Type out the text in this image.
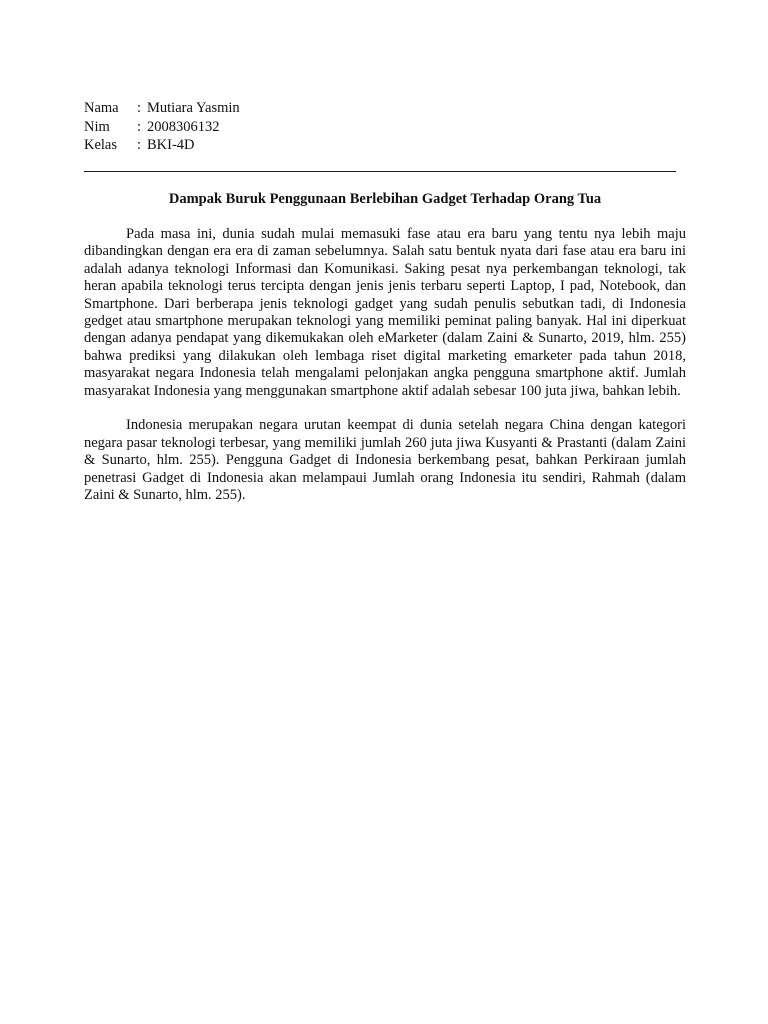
Nama	: Mutiara Yasmin
Nim	: 2008306132
Kelas	: BKI-4D
Dampak Buruk Penggunaan Berlebihan Gadget Terhadap Orang Tua

Pada masa ini, dunia sudah mulai memasuki fase atau era baru yang tentu nya lebih maju dibandingkan dengan era era di zaman sebelumnya. Salah satu bentuk nyata dari fase atau era baru ini adalah adanya teknologi Informasi dan Komunikasi. Saking pesat nya perkembangan teknologi, tak heran apabila teknologi terus tercipta dengan jenis jenis terbaru seperti Laptop, I pad, Notebook, dan Smartphone. Dari berberapa jenis teknologi gadget yang sudah penulis sebutkan tadi, di Indonesia gedget atau smartphone merupakan teknologi yang memiliki peminat paling banyak. Hal ini diperkuat dengan adanya pendapat yang dikemukakan oleh eMarketer (dalam Zaini & Sunarto, 2019, hlm. 255) bahwa prediksi yang dilakukan oleh lembaga riset digital marketing emarketer pada tahun 2018, masyarakat negara Indonesia telah mengalami pelonjakan angka pengguna smartphone aktif. Jumlah masyarakat Indonesia yang menggunakan smartphone aktif adalah sebesar 100 juta jiwa, bahkan lebih.

Indonesia merupakan negara urutan keempat di dunia setelah negara China dengan kategori negara pasar teknologi terbesar, yang memiliki jumlah 260 juta jiwa Kusyanti & Prastanti (dalam Zaini & Sunarto, hlm. 255). Pengguna Gadget di Indonesia berkembang pesat, bahkan Perkiraan jumlah penetrasi Gadget di Indonesia akan melampaui Jumlah orang Indonesia itu sendiri, Rahmah (dalam Zaini & Sunarto, hlm. 255).
